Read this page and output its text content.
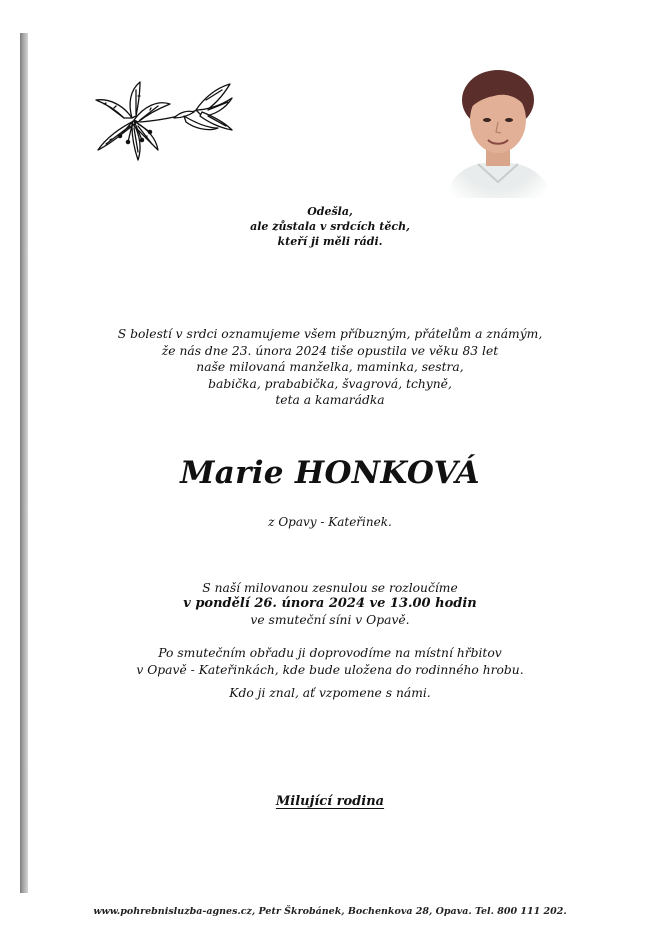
Odešla,
ale zůstala v srdcích těch,
kteří ji měli rádi.
S bolestí v srdci oznamujeme všem příbuzným, přátelům a známým,
že nás dne 23. února 2024 tiše opustila ve věku 83 let
naše milovaná manželka, maminka, sestra,
babička, prababička, švagrová, tchyně,
teta a kamarádka
Marie HONKOVÁ
z Opavy - Kateřinek.
S naší milovanou zesnulou se rozloučíme
v pondělí 26. února 2024 ve 13.00 hodin
ve smuteční síni v Opavě.
Po smutečním obřadu ji doprovodíme na místní hřbitov
v Opavě - Kateřinkách, kde bude uložena do rodinného hrobu.
Kdo ji znal, ať vzpomene s námi.
Milující rodina
www.pohrebnisluzba-agnes.cz, Petr Škrobánek, Bochenkova 28, Opava. Tel. 800 111 202.
